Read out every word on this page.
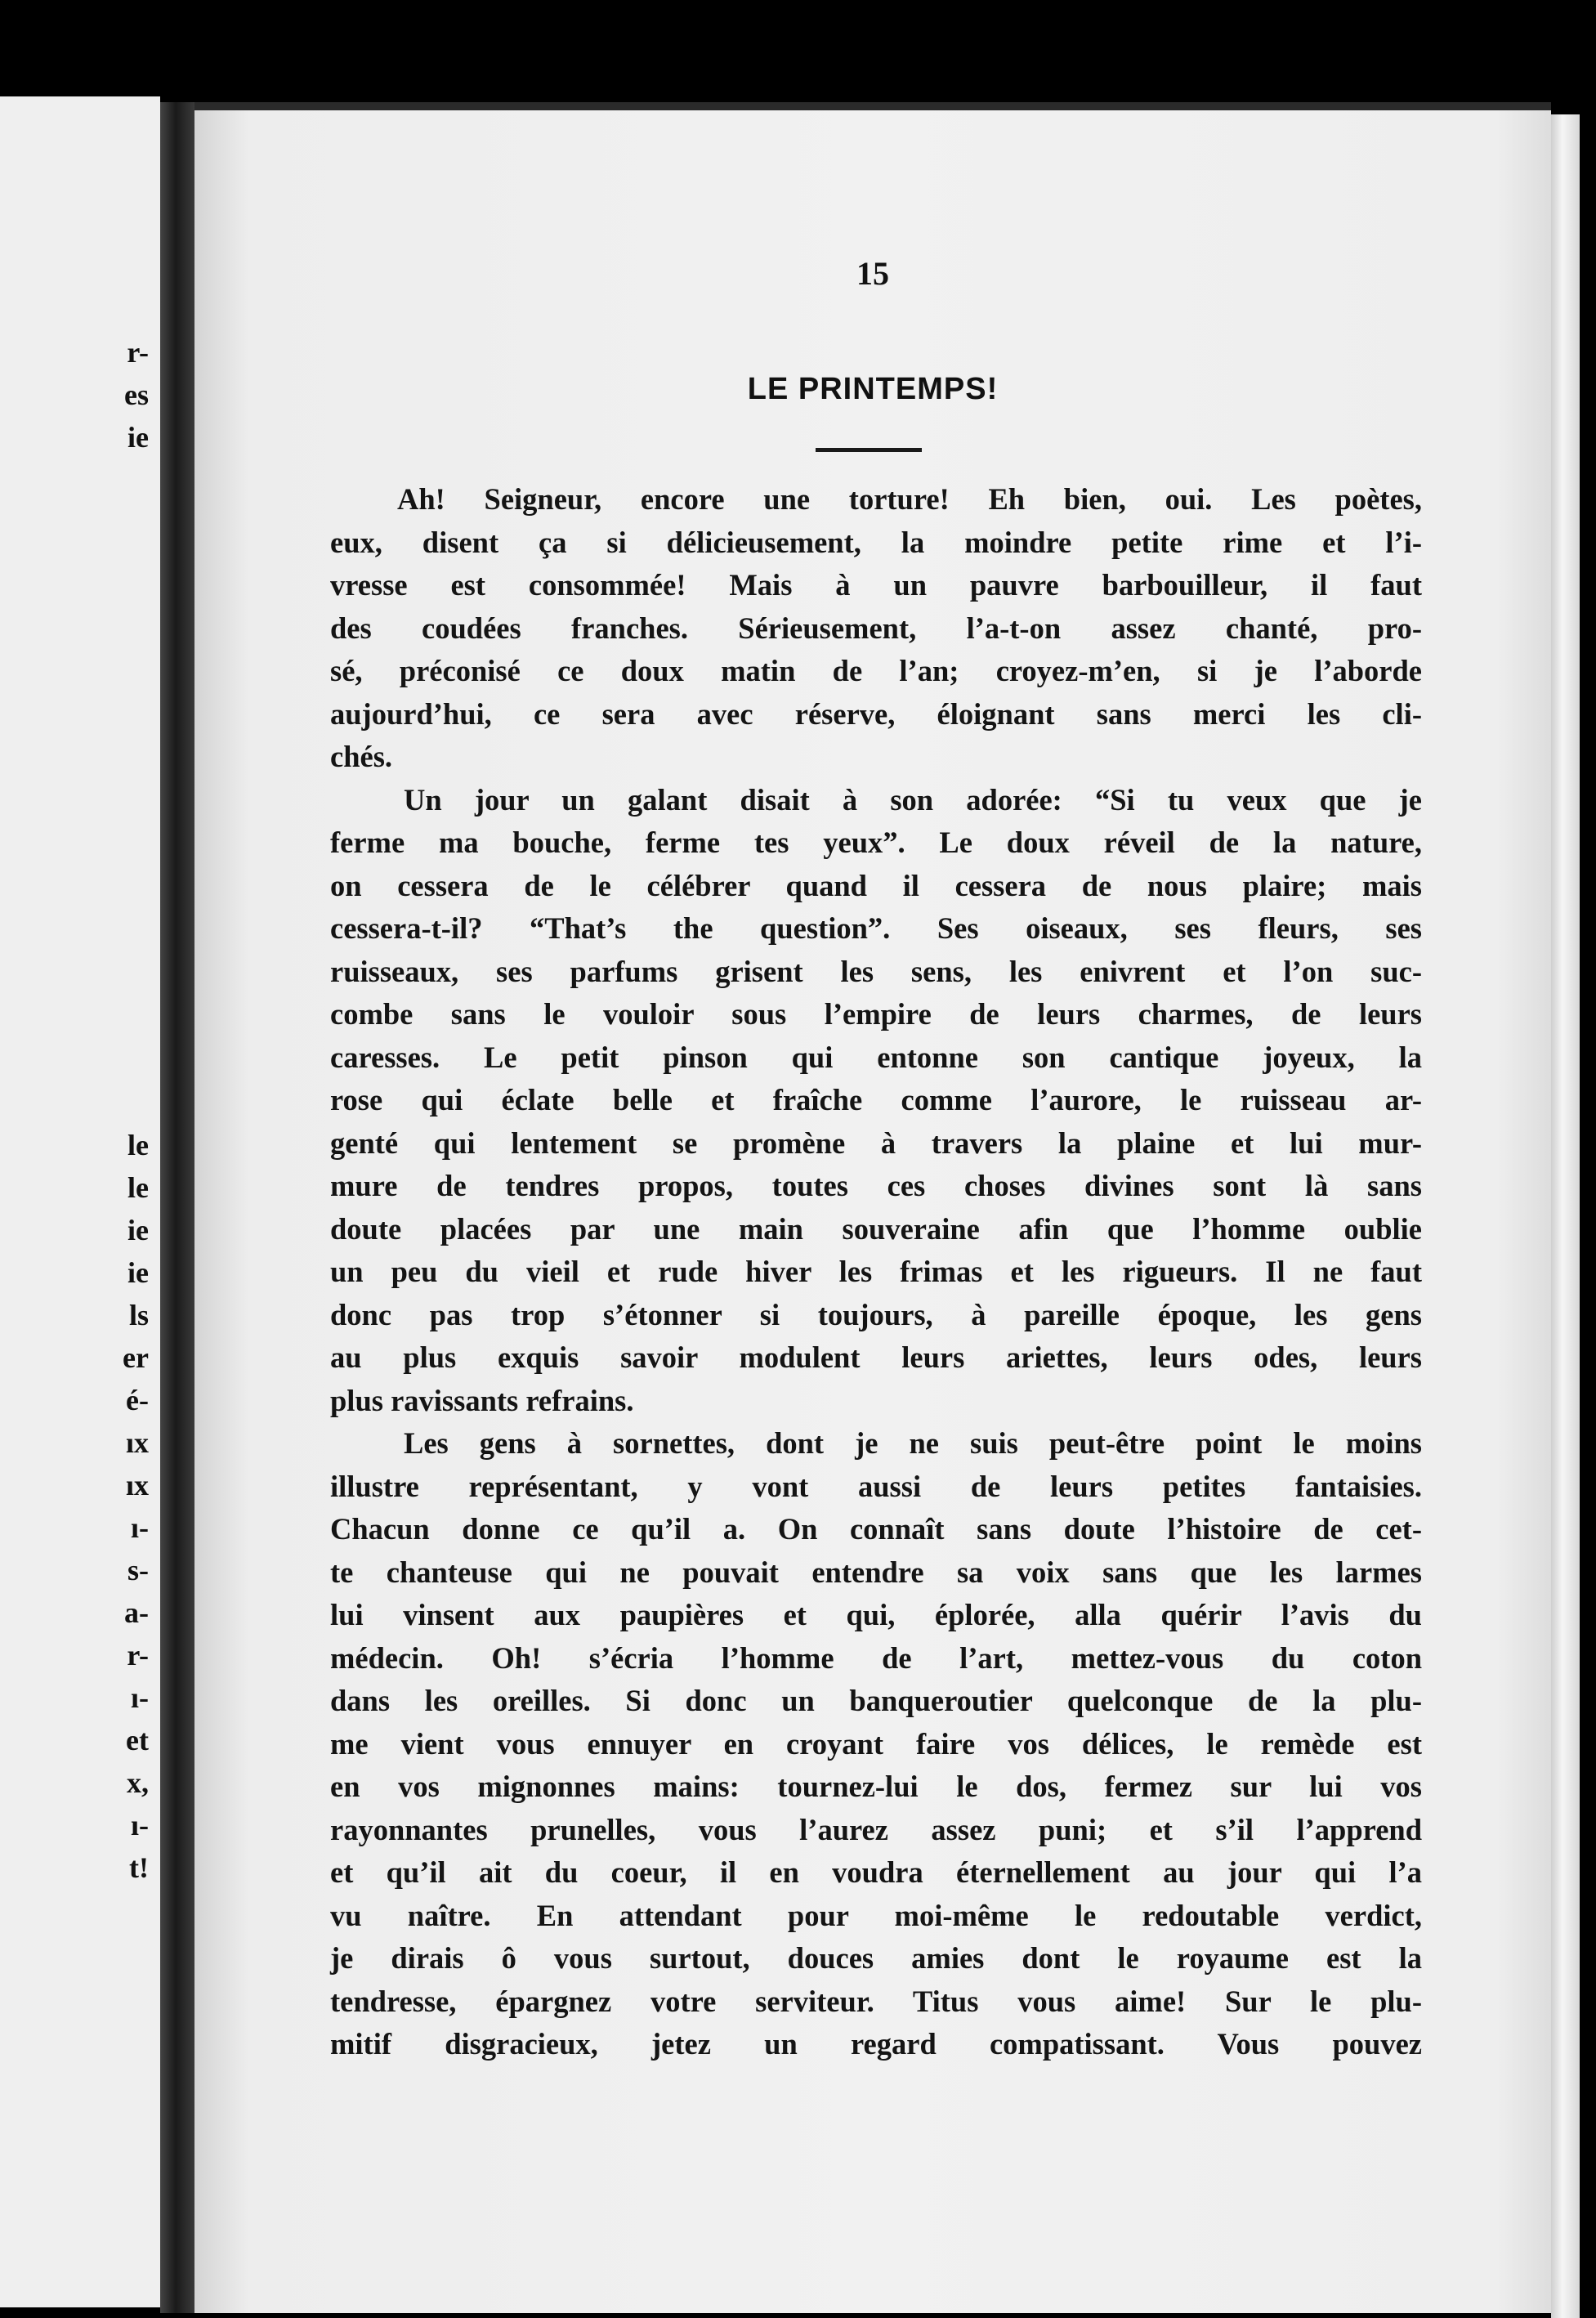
r-
es
ie
le
le
ie
ie
ls
er
é-
ıx
ıx
ı-
s-
a-
r-
ı-
et
x,
ı-
t!
15
LE PRINTEMPS!
Ah! Seigneur, encore une torture! Eh bien, oui. Les poètes,
eux, disent ça si délicieusement, la moindre petite rime et l’i-
vresse est consommée! Mais à un pauvre barbouilleur, il faut
des coudées franches. Sérieusement, l’a-t-on assez chanté, pro-
sé, préconisé ce doux matin de l’an; croyez-m’en, si je l’aborde
aujourd’hui, ce sera avec réserve, éloignant sans merci les cli-
chés.
Un jour un galant disait à son adorée: “Si tu veux que je
ferme ma bouche, ferme tes yeux”. Le doux réveil de la nature,
on cessera de le célébrer quand il cessera de nous plaire; mais
cessera-t-il? “That’s the question”. Ses oiseaux, ses fleurs, ses
ruisseaux, ses parfums grisent les sens, les enivrent et l’on suc-
combe sans le vouloir sous l’empire de leurs charmes, de leurs
caresses. Le petit pinson qui entonne son cantique joyeux, la
rose qui éclate belle et fraîche comme l’aurore, le ruisseau ar-
genté qui lentement se promène à travers la plaine et lui mur-
mure de tendres propos, toutes ces choses divines sont là sans
doute placées par une main souveraine afin que l’homme oublie
un peu du vieil et rude hiver les frimas et les rigueurs. Il ne faut
donc pas trop s’étonner si toujours, à pareille époque, les gens
au plus exquis savoir modulent leurs ariettes, leurs odes, leurs
plus ravissants refrains.
Les gens à sornettes, dont je ne suis peut-être point le moins
illustre représentant, y vont aussi de leurs petites fantaisies.
Chacun donne ce qu’il a. On connaît sans doute l’histoire de cet-
te chanteuse qui ne pouvait entendre sa voix sans que les larmes
lui vinsent aux paupières et qui, éplorée, alla quérir l’avis du
médecin. Oh! s’écria l’homme de l’art, mettez-vous du coton
dans les oreilles. Si donc un banqueroutier quelconque de la plu-
me vient vous ennuyer en croyant faire vos délices, le remède est
en vos mignonnes mains: tournez-lui le dos, fermez sur lui vos
rayonnantes prunelles, vous l’aurez assez puni; et s’il l’apprend
et qu’il ait du coeur, il en voudra éternellement au jour qui l’a
vu naître. En attendant pour moi-même le redoutable verdict,
je dirais ô vous surtout, douces amies dont le royaume est la
tendresse, épargnez votre serviteur. Titus vous aime! Sur le plu-
mitif disgracieux, jetez un regard compatissant. Vous pouvez
